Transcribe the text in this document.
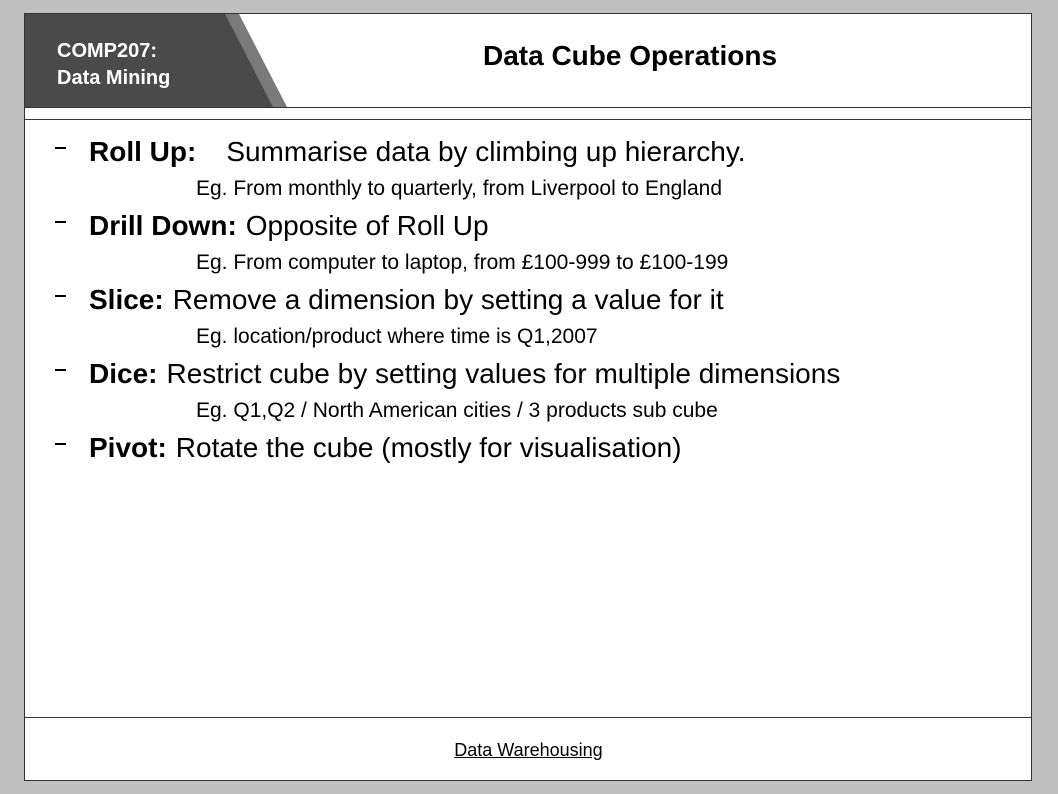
COMP207:
Data Mining
Data Cube Operations
Roll Up: Summarise data by climbing up hierarchy.
Eg. From monthly to quarterly, from Liverpool to England
Drill Down: Opposite of Roll Up
Eg. From computer to laptop, from £100-999 to £100-199
Slice: Remove a dimension by setting a value for it
Eg. location/product where time is Q1,2007
Dice: Restrict cube by setting values for multiple dimensions
Eg. Q1,Q2 / North American cities / 3 products sub cube
Pivot: Rotate the cube (mostly for visualisation)
Data Warehousing
